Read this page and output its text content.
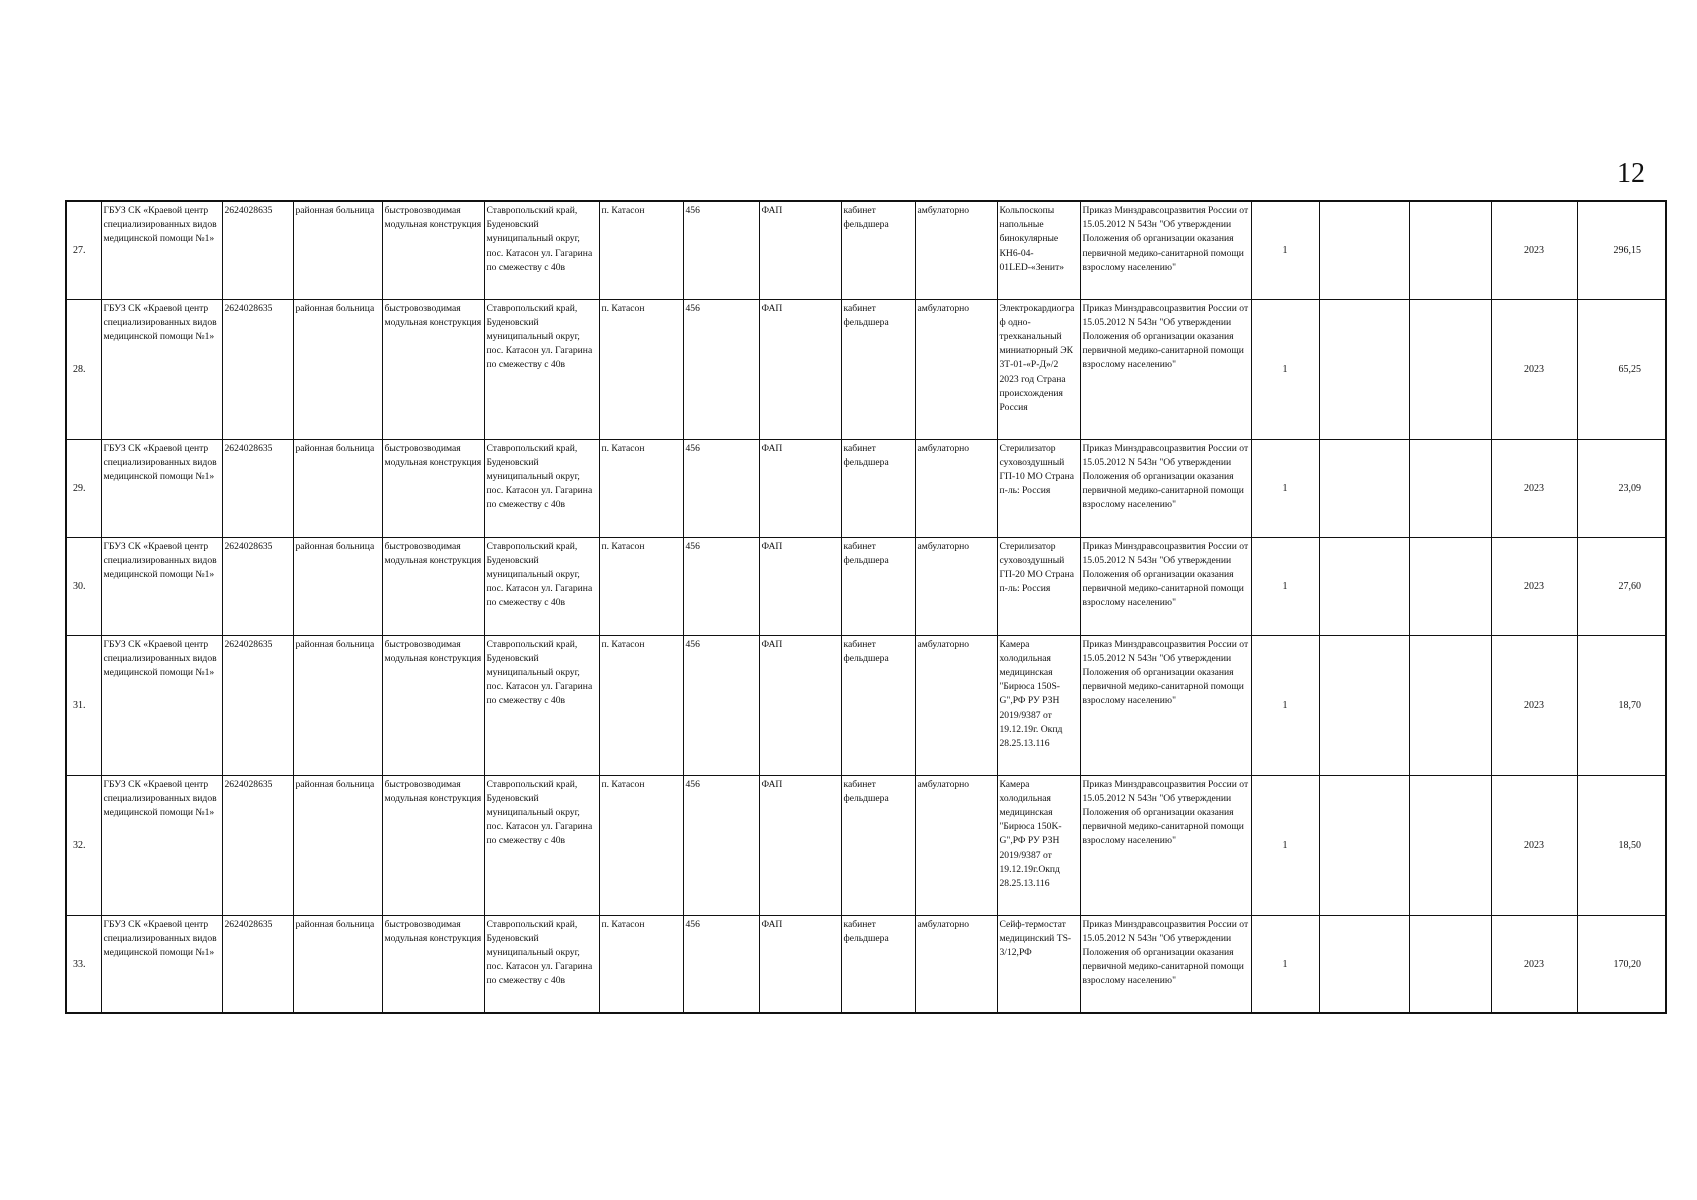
12
27.	ГБУЗ СК «Краевой центр специализированных видов медицинской помощи №1»	2624028635	районная больница	быстровозводимая модульная конструкция	Ставропольский край, Буденовский муниципальный округ, пос. Катасон ул. Гагарина по смежеству с 40в	п. Катасон	456	ФАП	кабинет фельдшера	амбулаторно	Кольпоскопы напольные бинокулярные КН6-04-01LED-«Зенит»	Приказ Минздравсоцразвития России от 15.05.2012 N 543н "Об утверждении Положения об организации оказания первичной медико-санитарной помощи взрослому населению"	1			2023	296,15
28.	ГБУЗ СК «Краевой центр специализированных видов медицинской помощи №1»	2624028635	районная больница	быстровозводимая модульная конструкция	Ставропольский край, Буденовский муниципальный округ, пос. Катасон ул. Гагарина по смежеству с 40в	п. Катасон	456	ФАП	кабинет фельдшера	амбулаторно	Электрокардиогра ф одно-трехканальный миниатюрный ЭК 3Т-01-«Р-Д»/2 2023 год Страна происхождения Россия	Приказ Минздравсоцразвития России от 15.05.2012 N 543н "Об утверждении Положения об организации оказания первичной медико-санитарной помощи взрослому населению"	1			2023	65,25
29.	ГБУЗ СК «Краевой центр специализированных видов медицинской помощи №1»	2624028635	районная больница	быстровозводимая модульная конструкция	Ставропольский край, Буденовский муниципальный округ, пос. Катасон ул. Гагарина по смежеству с 40в	п. Катасон	456	ФАП	кабинет фельдшера	амбулаторно	Стерилизатор суховоздушный ГП-10 МО Страна п-ль: Россия	Приказ Минздравсоцразвития России от 15.05.2012 N 543н "Об утверждении Положения об организации оказания первичной медико-санитарной помощи взрослому населению"	1			2023	23,09
30.	ГБУЗ СК «Краевой центр специализированных видов медицинской помощи №1»	2624028635	районная больница	быстровозводимая модульная конструкция	Ставропольский край, Буденовский муниципальный округ, пос. Катасон ул. Гагарина по смежеству с 40в	п. Катасон	456	ФАП	кабинет фельдшера	амбулаторно	Стерилизатор суховоздушный ГП-20 МО Страна п-ль: Россия	Приказ Минздравсоцразвития России от 15.05.2012 N 543н "Об утверждении Положения об организации оказания первичной медико-санитарной помощи взрослому населению"	1			2023	27,60
31.	ГБУЗ СК «Краевой центр специализированных видов медицинской помощи №1»	2624028635	районная больница	быстровозводимая модульная конструкция	Ставропольский край, Буденовский муниципальный округ, пос. Катасон ул. Гагарина по смежеству с 40в	п. Катасон	456	ФАП	кабинет фельдшера	амбулаторно	Камера холодильная медицинская "Бирюса 150S-G",РФ РУ РЗН 2019/9387 от 19.12.19г. Окпд 28.25.13.116	Приказ Минздравсоцразвития России от 15.05.2012 N 543н "Об утверждении Положения об организации оказания первичной медико-санитарной помощи взрослому населению"	1			2023	18,70
32.	ГБУЗ СК «Краевой центр специализированных видов медицинской помощи №1»	2624028635	районная больница	быстровозводимая модульная конструкция	Ставропольский край, Буденовский муниципальный округ, пос. Катасон ул. Гагарина по смежеству с 40в	п. Катасон	456	ФАП	кабинет фельдшера	амбулаторно	Камера холодильная медицинская "Бирюса 150K-G",РФ РУ РЗН 2019/9387 от 19.12.19г.Окпд 28.25.13.116	Приказ Минздравсоцразвития России от 15.05.2012 N 543н "Об утверждении Положения об организации оказания первичной медико-санитарной помощи взрослому населению"	1			2023	18,50
33.	ГБУЗ СК «Краевой центр специализированных видов медицинской помощи №1»	2624028635	районная больница	быстровозводимая модульная конструкция	Ставропольский край, Буденовский муниципальный округ, пос. Катасон ул. Гагарина по смежеству с 40в	п. Катасон	456	ФАП	кабинет фельдшера	амбулаторно	Сейф-термостат медицинский TS-3/12,РФ	Приказ Минздравсоцразвития России от 15.05.2012 N 543н "Об утверждении Положения об организации оказания первичной медико-санитарной помощи взрослому населению"	1			2023	170,20
